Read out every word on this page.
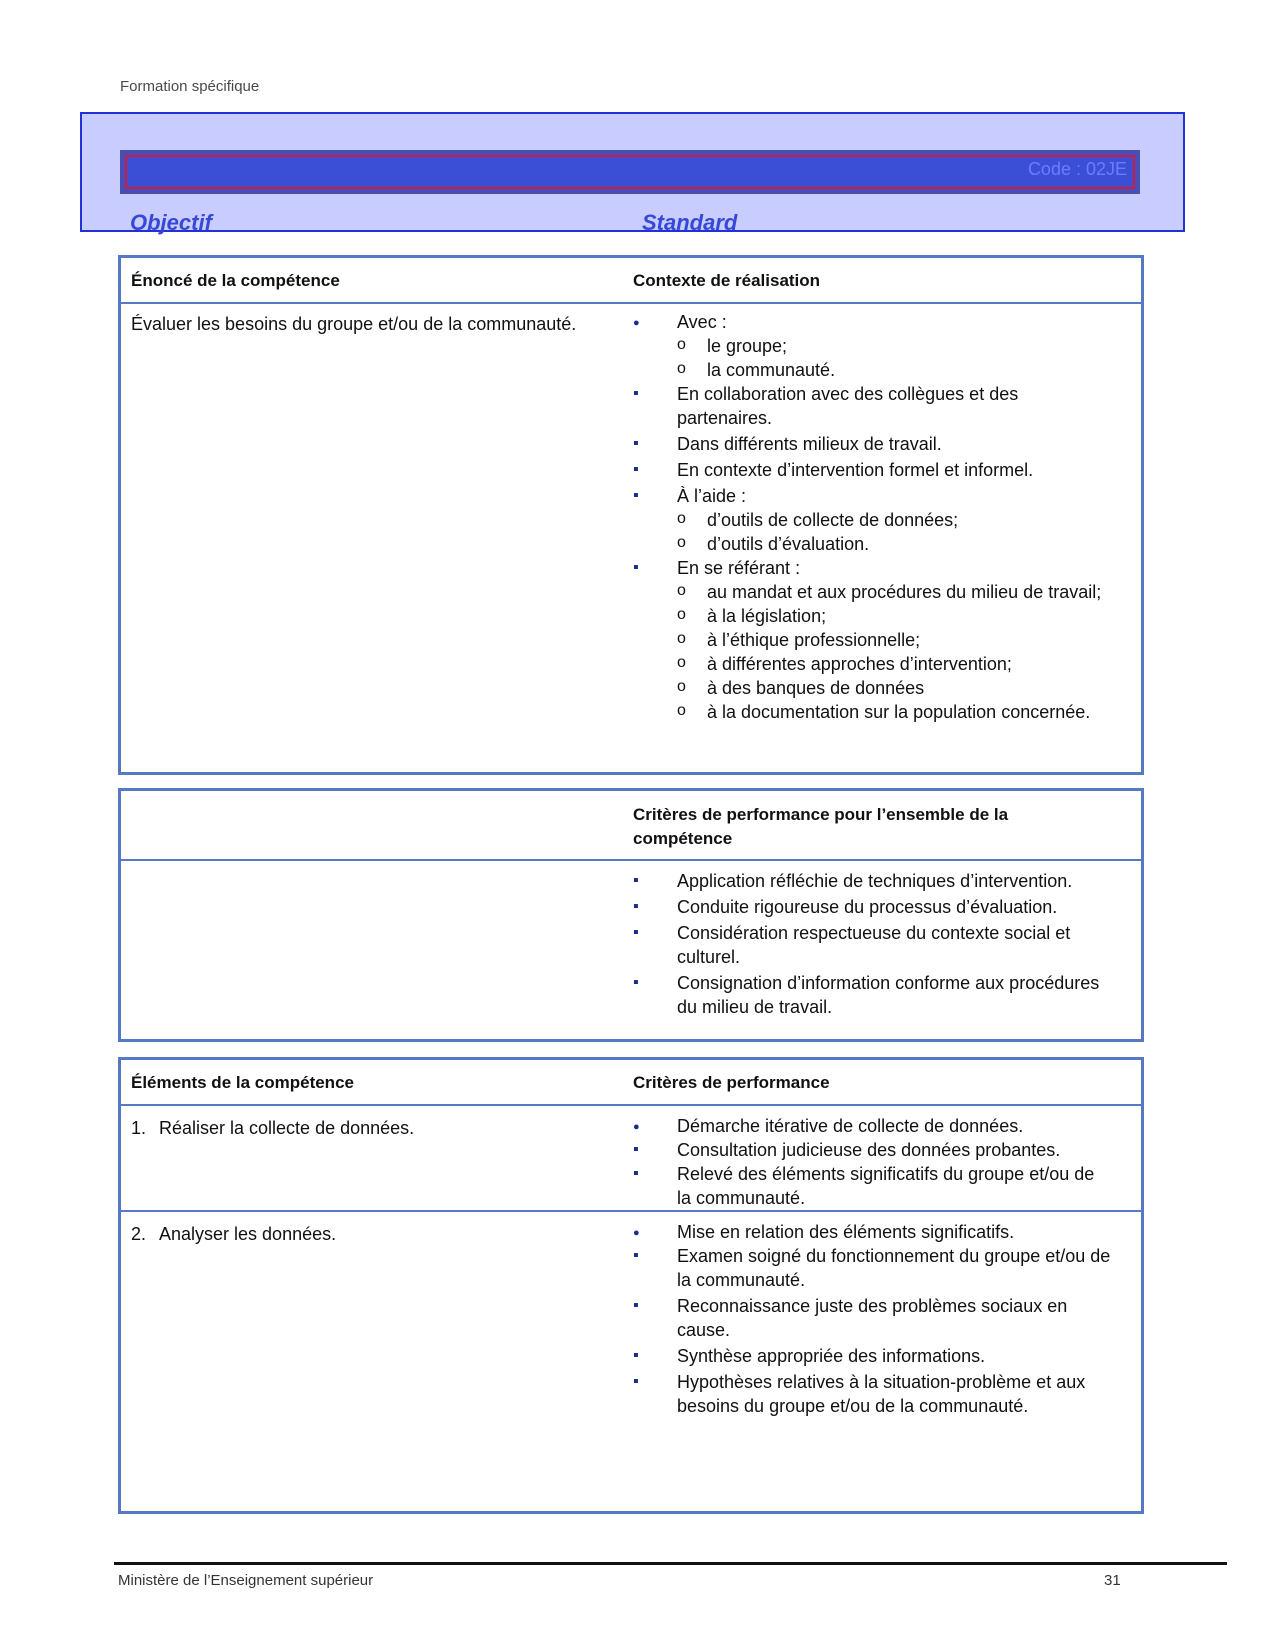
Formation spécifique
Code : 02JE
Objectif	Standard
Énoncé de la compétence	Contexte de réalisation
Évaluer les besoins du groupe et/ou de la communauté.	● Avec :
o le groupe;
o la communauté.
▪ En collaboration avec des collègues et des partenaires.
▪ Dans différents milieux de travail.
▪ En contexte d’intervention formel et informel.
▪ À l’aide :
o d’outils de collecte de données;
o d’outils d’évaluation.
▪ En se référant :
o au mandat et aux procédures du milieu de travail;
o à la législation;
o à l’éthique professionnelle;
o à différentes approches d’intervention;
o à des banques de données
o à la documentation sur la population concernée.
Critères de performance pour l’ensemble de la compétence
▪ Application réfléchie de techniques d’intervention.
▪ Conduite rigoureuse du processus d’évaluation.
▪ Considération respectueuse du contexte social et culturel.
▪ Consignation d’information conforme aux procédures du milieu de travail.
Éléments de la compétence	Critères de performance
1. Réaliser la collecte de données.	● Démarche itérative de collecte de données.
▪ Consultation judicieuse des données probantes.
▪ Relevé des éléments significatifs du groupe et/ou de la communauté.
2. Analyser les données.	● Mise en relation des éléments significatifs.
▪ Examen soigné du fonctionnement du groupe et/ou de la communauté.
▪ Reconnaissance juste des problèmes sociaux en cause.
▪ Synthèse appropriée des informations.
▪ Hypothèses relatives à la situation-problème et aux besoins du groupe et/ou de la communauté.
Ministère de l’Enseignement supérieur	31
